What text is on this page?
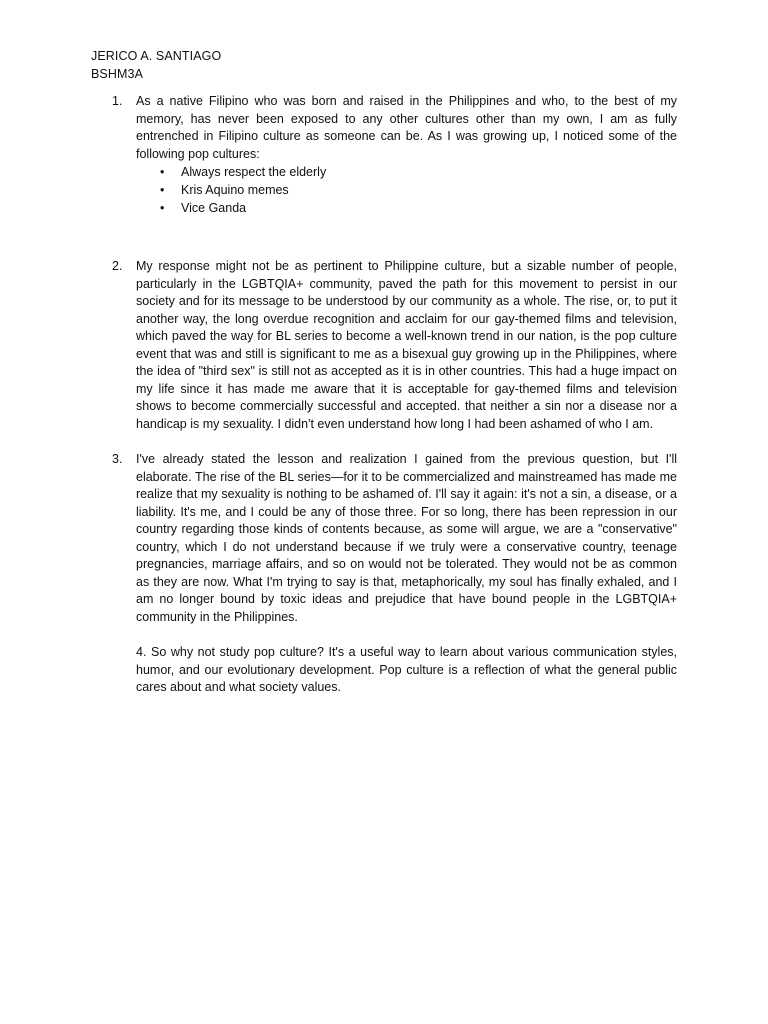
JERICO A. SANTIAGO
BSHM3A
1. As a native Filipino who was born and raised in the Philippines and who, to the best of my memory, has never been exposed to any other cultures other than my own, I am as fully entrenched in Filipino culture as someone can be. As I was growing up, I noticed some of the following pop cultures:

• Always respect the elderly
• Kris Aquino memes
• Vice Ganda
2. My response might not be as pertinent to Philippine culture, but a sizable number of people, particularly in the LGBTQIA+ community, paved the path for this movement to persist in our society and for its message to be understood by our community as a whole. The rise, or, to put it another way, the long overdue recognition and acclaim for our gay-themed films and television, which paved the way for BL series to become a well-known trend in our nation, is the pop culture event that was and still is significant to me as a bisexual guy growing up in the Philippines, where the idea of "third sex" is still not as accepted as it is in other countries. This had a huge impact on my life since it has made me aware that it is acceptable for gay-themed films and television shows to become commercially successful and accepted. that neither a sin nor a disease nor a handicap is my sexuality. I didn't even understand how long I had been ashamed of who I am.

3. I've already stated the lesson and realization I gained from the previous question, but I'll elaborate. The rise of the BL series—for it to be commercialized and mainstreamed has made me realize that my sexuality is nothing to be ashamed of. I'll say it again: it's not a sin, a disease, or a liability. It's me, and I could be any of those three. For so long, there has been repression in our country regarding those kinds of contents because, as some will argue, we are a "conservative" country, which I do not understand because if we truly were a conservative country, teenage pregnancies, marriage affairs, and so on would not be tolerated. They would not be as common as they are now. What I'm trying to say is that, metaphorically, my soul has finally exhaled, and I am no longer bound by toxic ideas and prejudice that have bound people in the LGBTQIA+ community in the Philippines.

4. So why not study pop culture? It's a useful way to learn about various communication styles, humor, and our evolutionary development. Pop culture is a reflection of what the general public cares about and what society values.
